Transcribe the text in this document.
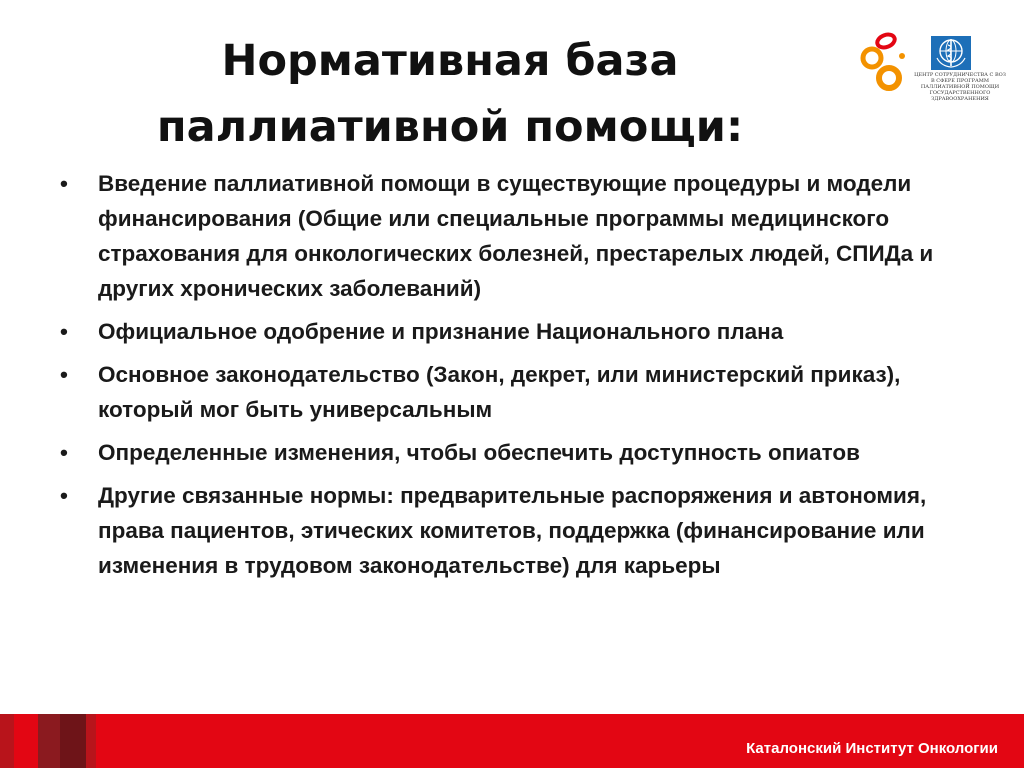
Нормативная база
паллиативной помощи:
ЦЕНТР СОТРУДНИЧЕСТВА С ВОЗ В СФЕРЕ ПРОГРАММ ПАЛЛИАТИВНОЙ ПОМОЩИ ГОСУДАРСТВЕННОГО ЗДРАВООХРАНЕНИЯ
•	Введение паллиативной помощи в существующие процедуры и модели финансирования (Общие или специальные программы медицинского страхования для онкологических болезней, престарелых людей, СПИДа и других хронических заболеваний)
•	Официальное одобрение и признание Национального плана
•	Основное законодательство (Закон, декрет, или министерский приказ), который мог быть универсальным
•	Определенные изменения, чтобы обеспечить доступность опиатов
•	Другие связанные нормы: предварительные распоряжения и автономия, права пациентов, этических комитетов, поддержка (финансирование или изменения в трудовом законодательстве) для карьеры
Каталонский Институт Онкологии
